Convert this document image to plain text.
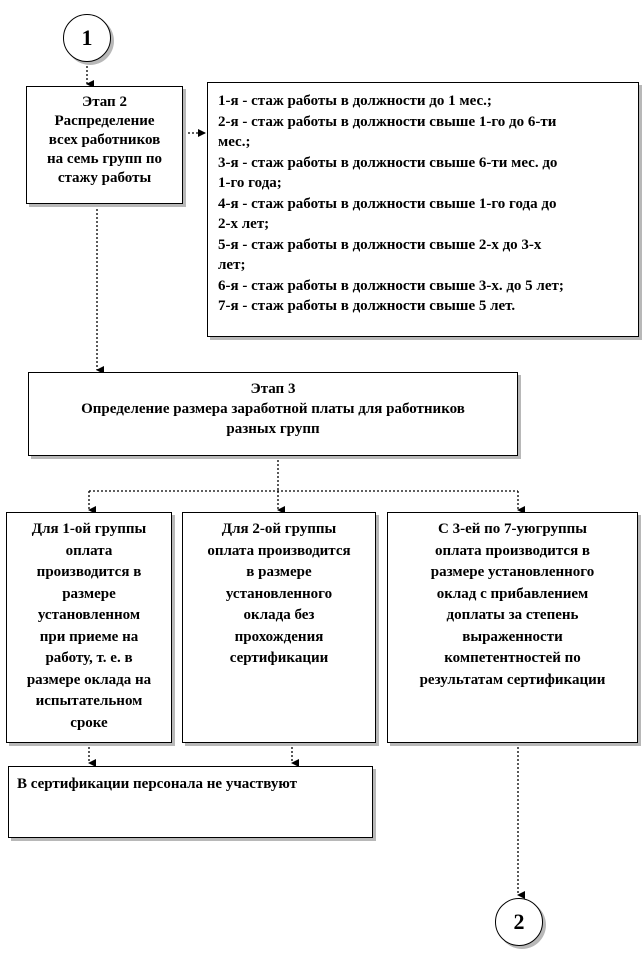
1
Этап 2
Распределение
всех работников
на семь групп по
стажу работы
1-я - стаж работы в должности до 1 мес.;
2-я - стаж работы в должности свыше 1-го до 6-ти
мес.;
3-я - стаж работы в должности свыше 6-ти мес. до
1-го года;
4-я - стаж работы в должности свыше 1-го года до
2-х лет;
5-я - стаж работы в должности свыше 2-х до 3-х
лет;
6-я - стаж работы в должности свыше 3-х. до 5 лет;
7-я - стаж работы в должности свыше 5 лет.
Этап 3
Определение размера заработной платы для работников
разных групп
Для 1-ой группы
оплата
производится в
размере
установленном
при приеме на
работу, т. е. в
размере оклада на
испытательном
сроке
Для 2-ой группы
оплата производится
в размере
установленного
оклада без
прохождения
сертификации
С 3-ей по 7-уюгруппы
оплата производится в
размере установленного
оклад с прибавлением
доплаты за степень
выраженности
компетентностей по
результатам сертификации
В сертификации персонала не участвуют
2
